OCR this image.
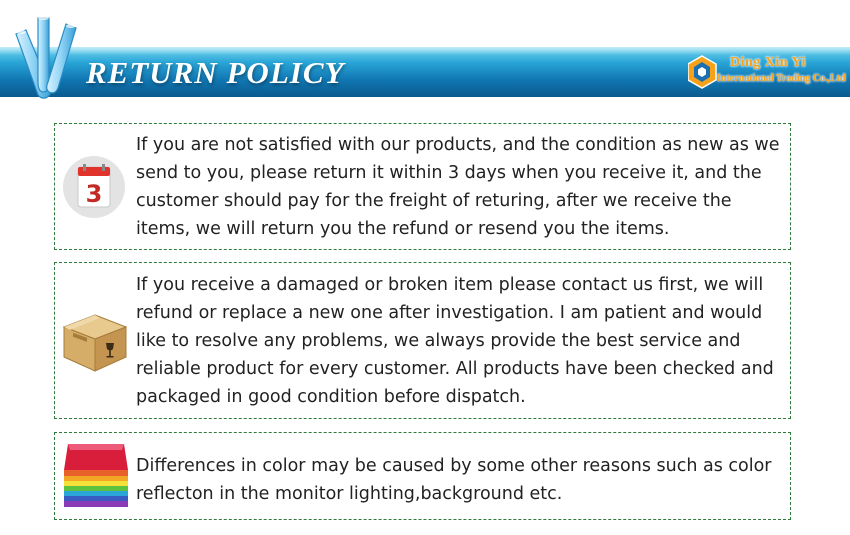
RETURN POLICY	Ding Xin Yi
International Trading Co.,Ltd
3
If you are not satisfied with our products, and the condition as new as we send to you, please return it within 3 days when you receive it, and the customer should pay for the freight of returing, after we receive the items, we will return you the refund or resend you the items.
If you receive a damaged or broken item please contact us first, we will refund or replace a new one after investigation. I am patient and would like to resolve any problems, we always provide the best service and reliable product for every customer. All products have been checked and packaged in good condition before dispatch.
Differences in color may be caused by some other reasons such as color reflecton in the monitor lighting,background etc.
